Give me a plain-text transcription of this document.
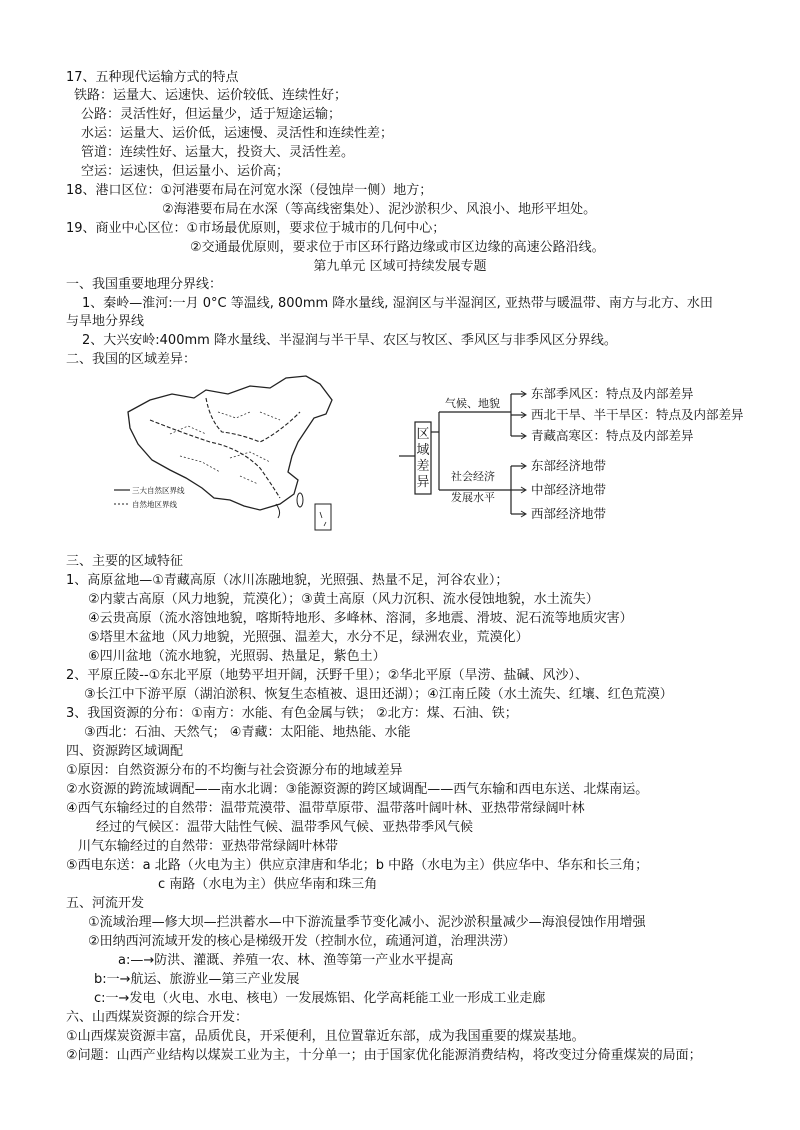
17、五种现代运输方式的特点
铁路：运量大、运速快、运价较低、连续性好；
公路：灵活性好，但运量少，适于短途运输；
水运：运量大、运价低，运速慢、灵活性和连续性差；
管道：连续性好、运量大，投资大、灵活性差。
空运：运速快，但运量小、运价高；
18、港口区位：①河港要布局在河宽水深（侵蚀岸一侧）地方；
②海港要布局在水深（等高线密集处）、泥沙淤积少、风浪小、地形平坦处。
19、商业中心区位：①市场最优原则，要求位于城市的几何中心；
②交通最优原则，要求位于市区环行路边缘或市区边缘的高速公路沿线。
第九单元 区域可持续发展专题
一、我国重要地理分界线：
1、秦岭—淮河:一月 0°C 等温线, 800mm 降水量线, 湿润区与半湿润区, 亚热带与暖温带、南方与北方、水田
与旱地分界线
2、大兴安岭:400mm 降水量线、半湿润与半干旱、农区与牧区、季风区与非季风区分界线。
二、我国的区域差异：
三大自然区界线
自然地区界线
区
域
差
异
气候、地貌
社会经济
发展水平
东部季风区：特点及内部差异
西北干旱、半干旱区：特点及内部差异
青藏高寒区：特点及内部差异
东部经济地带
中部经济地带
西部经济地带
三、主要的区域特征
1、高原盆地—①青藏高原（冰川冻融地貌，光照强、热量不足，河谷农业）；
②内蒙古高原（风力地貌，荒漠化）；③黄土高原（风力沉积、流水侵蚀地貌，水土流失）
④云贵高原（流水溶蚀地貌，喀斯特地形、多峰林、溶洞，多地震、滑坡、泥石流等地质灾害）
⑤塔里木盆地（风力地貌，光照强、温差大，水分不足，绿洲农业，荒漠化）
⑥四川盆地（流水地貌，光照弱、热量足，紫色土）
2、平原丘陵--①东北平原（地势平坦开阔，沃野千里）；②华北平原（旱涝、盐碱、风沙）、
③长江中下游平原（湖泊淤积、恢复生态植被、退田还湖）；④江南丘陵（水土流失、红壤、红色荒漠）
3、我国资源的分布：①南方：水能、有色金属与铁； ②北方：煤、石油、铁；
③西北：石油、天然气； ④青藏：太阳能、地热能、水能
四、资源跨区域调配
①原因：自然资源分布的不均衡与社会资源分布的地域差异
②水资源的跨流域调配——南水北调：③能源资源的跨区域调配——西气东输和西电东送、北煤南运。
④西气东输经过的自然带：温带荒漠带、温带草原带、温带落叶阔叶林、亚热带常绿阔叶林
经过的气候区：温带大陆性气候、温带季风气候、亚热带季风气候
川气东输经过的自然带：亚热带常绿阔叶林带
⑤西电东送：a 北路（火电为主）供应京津唐和华北；b 中路（水电为主）供应华中、华东和长三角；
c 南路（水电为主）供应华南和珠三角
五、河流开发
①流域治理—修大坝—拦洪蓄水—中下游流量季节变化减小、泥沙淤积量减少—海浪侵蚀作用增强
②田纳西河流域开发的核心是梯级开发（控制水位，疏通河道，治理洪涝）
a:—→防洪、灌溉、养殖一农、林、渔等第一产业水平提高
b:一→航运、旅游业—第三产业发展
c:一→发电（火电、水电、核电）一发展炼铝、化学高耗能工业一形成工业走廊
六、山西煤炭资源的综合开发：
①山西煤炭资源丰富，品质优良，开采便利，且位置靠近东部，成为我国重要的煤炭基地。
②问题：山西产业结构以煤炭工业为主，十分单一；由于国家优化能源消费结构，将改变过分倚重煤炭的局面；
